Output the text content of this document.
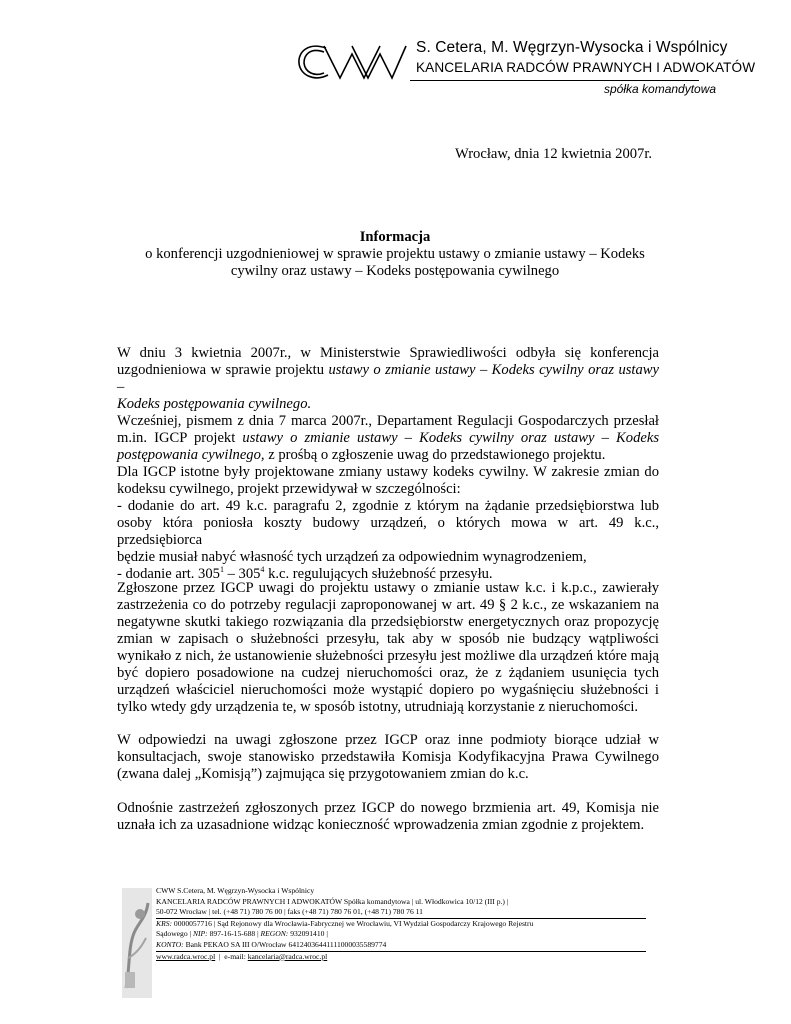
S. Cetera, M. Węgrzyn-Wysocka i Wspólnicy
KANCELARIA RADCÓW PRAWNYCH I ADWOKATÓW
spółka komandytowa
Wrocław, dnia 12 kwietnia 2007r.
Informacja
o konferencji uzgodnieniowej w sprawie projektu ustawy o zmianie ustawy – Kodeks
cywilny oraz ustawy – Kodeks postępowania cywilnego
W dniu 3 kwietnia 2007r., w Ministerstwie Sprawiedliwości odbyła się konferencja
uzgodnieniowa w sprawie projektu ustawy o zmianie ustawy – Kodeks cywilny oraz ustawy –
Kodeks postępowania cywilnego.
Wcześniej, pismem z dnia 7 marca 2007r., Departament Regulacji Gospodarczych przesłał
m.in. IGCP projekt ustawy o zmianie ustawy – Kodeks cywilny oraz ustawy – Kodeks
postępowania cywilnego, z prośbą o zgłoszenie uwag do przedstawionego projektu.
Dla IGCP istotne były projektowane zmiany ustawy kodeks cywilny. W zakresie zmian do
kodeksu cywilnego, projekt przewidywał w szczególności:
- dodanie do art. 49 k.c. paragrafu 2, zgodnie z którym na żądanie przedsiębiorstwa lub
osoby która poniosła koszty budowy urządzeń, o których mowa w art. 49 k.c., przedsiębiorca
będzie musiał nabyć własność tych urządzeń za odpowiednim wynagrodzeniem,
- dodanie art. $305^1 - 305^4$ k.c. regulujących służebność przesyłu.
Zgłoszone przez IGCP uwagi do projektu ustawy o zmianie ustaw k.c. i k.p.c., zawierały
zastrzeżenia co do potrzeby regulacji zaproponowanej w art. 49 § 2 k.c., ze wskazaniem na
negatywne skutki takiego rozwiązania dla przedsiębiorstw energetycznych oraz propozycję
zmian w zapisach o służebności przesyłu, tak aby w sposób nie budzący wątpliwości
wynikało z nich, że ustanowienie służebności przesyłu jest możliwe dla urządzeń które mają
być dopiero posadowione na cudzej nieruchomości oraz, że z żądaniem usunięcia tych
urządzeń właściciel nieruchomości może wystąpić dopiero po wygaśnięciu służebności i
tylko wtedy gdy urządzenia te, w sposób istotny, utrudniają korzystanie z nieruchomości.
W odpowiedzi na uwagi zgłoszone przez IGCP oraz inne podmioty biorące udział w
konsultacjach, swoje stanowisko przedstawiła Komisja Kodyfikacyjna Prawa Cywilnego
(zwana dalej „Komisją”) zajmująca się przygotowaniem zmian do k.c.
Odnośnie zastrzeżeń zgłoszonych przez IGCP do nowego brzmienia art. 49, Komisja nie
uznała ich za uzasadnione widząc konieczność wprowadzenia zmian zgodnie z projektem.
CWW S.Cetera, M. Węgrzyn-Wysocka i Wspólnicy
KANCELARIA RADCÓW PRAWNYCH I ADWOKATÓW Spółka komandytowa | ul. Włodkowica 10/12 (III p.) |
50-072 Wrocław | tel. (+48 71) 780 76 00 | faks (+48 71) 780 76 01, (+48 71) 780 76 11
KRS: 0000057716 | Sąd Rejonowy dla Wrocławia-Fabrycznej we Wrocławiu, VI Wydział Gospodarczy Krajowego Rejestru
Sądowego | NIP: 897-16-15-688 | REGON: 932091410 |
KONTO: Bank PEKAO SA III O/Wrocław 64124036441111000035589774
www.radca.wroc.pl  |  e-mail: kancelaria@radca.wroc.pl
